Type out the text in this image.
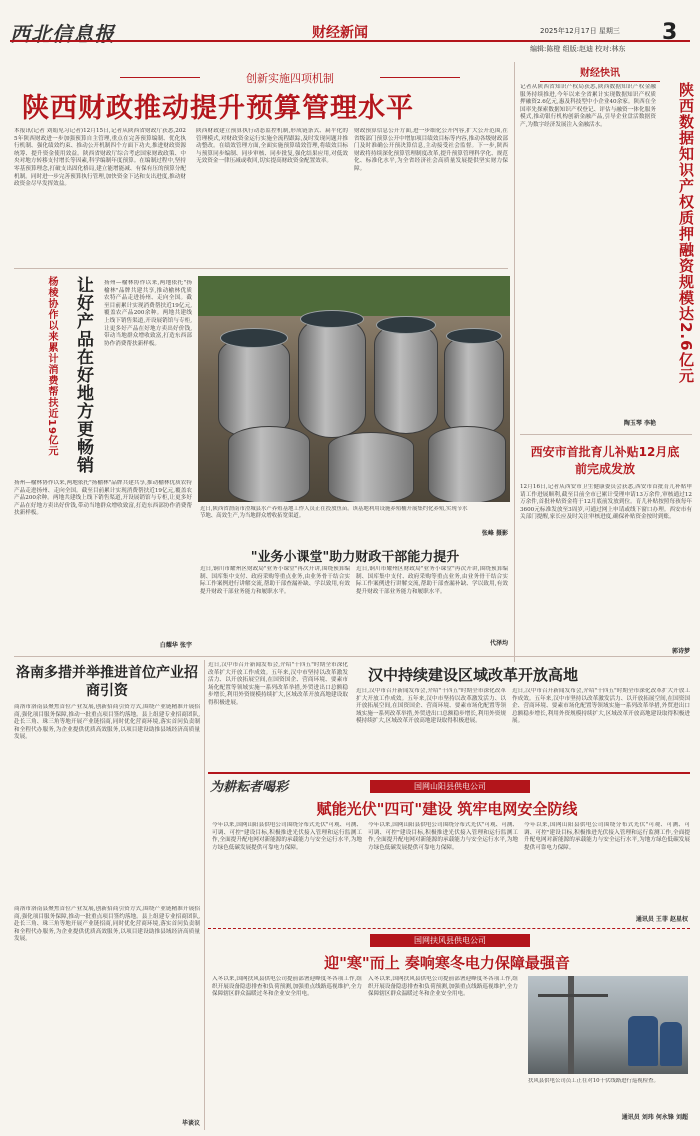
西北信息报	财经新闻	2025年12月17日 星期三 3
编辑:陈橙 组版:赵迪 校对:林东
创新实施四项机制
陕西财政推动提升预算管理水平
本报讯(记者 刘娟见习记者)12月15日,记者从陕西省财政厅获悉,2025年陕西财政进一步加强预算自主管理,重点在完善预算编制、优化执行机制、强化绩效约束、推动公开机制四个方面下功夫,推进财政资源统筹、提升资金使用效益。陕西省财政厅综合考虑国家财政政策、中央对地方转移支付增长等因素,科学编制年度预算。在编制过程中,坚持零基预算理念,打破支出固化格局,建立能增能减、有保有压的预算分配机制。同时进一步完善预算执行管理,加快资金下达和支出进度,推动财政资金尽早发挥效益。
陕西财政建立预算执行动态监控机制,形成链条式、扁平化的管理模式,对财政资金运行实施全流程跟踪,及时发现问题并推动整改。在绩效管理方面,全面实施预算绩效管理,将绩效目标与预算同步编制、同步审核、同步批复,强化结果应用,对低效无效资金一律压减或收回,切实提高财政资金配置效率。
财政预算信息公开方面,进一步细化公开内容,扩大公开范围,在省级部门预算公开中增加项目绩效目标等内容,推动各级财政部门及时准确公开预决算信息,主动接受社会监督。下一步,陕西财政将持续深化预算管理制度改革,提升预算管理科学化、规范化、标准化水平,为全省经济社会高质量发展提供坚实财力保障。
财经快讯
记者从陕西省知识产权局获悉,陕西数据知识产权金融服务持续推进,今年以来全省累计实现数据知识产权质押融资2.6亿元,惠及科技型中小企业40余家。陕西在全国率先探索数据知识产权登记、评估与融资一体化服务模式,推动银行机构创新金融产品,引导企业盘活数据资产,为数字经济发展注入金融活水。	陕西数据知识产权质押融资规模达2.6亿元
陶玉琴 李艳
西安市首批育儿补贴12月底前完成发放
12月16日,记者从西安市卫生健康委员会获悉,西安市首批育儿补贴申请工作进展顺利,截至目前全市已累计受理申请13万余件,审核通过12万余件,首批补贴资金将于12月底前发放到位。育儿补贴按照每孩每年3600元标准发放至3周岁,可通过网上申请或线下窗口办理。西安市有关部门提醒,家长应及时关注审核进度,确保补贴资金按时到账。
郭诗梦
让好产品在好地方更畅销
杨棱协作以来累计消费帮扶近19亿元	扬州—榆林协作以来,两地依托"扬榆林"品牌共建共享,推动榆林优质农特产品走进扬州、走向全国。截至目前累计实现消费帮扶近19亿元,覆盖农产品200余种。两地共建线上线下销售渠道,开设展销馆与专柜,让更多好产品在好地方卖出好价钱,带动当地群众增收致富,打造东西部协作消费帮扶新样板。
扬州—榆林协作以来,两地依托"扬榆林"品牌共建共享,推动榆林优质农特产品走进扬州、走向全国。截至目前累计实现消费帮扶近19亿元,覆盖农产品200余种。两地共建线上线下销售渠道,开设展销馆与专柜,让更多好产品在好地方卖出好价钱,带动当地群众增收致富,打造东西部协作消费帮扶新样板。
白耀华 张宇
近日,陕西省渭南市澄城县水产养殖基地工作人员正在投放鱼苗。该基地利用设施养殖桶开展集约化养殖,实现节水节地、高效生产,为当地群众增收拓宽渠道。
张峰 摄影
"业务小课堂"助力财政干部能力提升
近日,铜川市耀州区财政局"业务小课堂"再次开讲,围绕预算编制、国库集中支付、政府采购等重点业务,由业务骨干结合实际工作案例进行讲解交流,帮助干部查漏补缺、学以致用,有效提升财政干部业务能力和履职水平。
近日,铜川市耀州区财政局"业务小课堂"再次开讲,围绕预算编制、国库集中支付、政府采购等重点业务,由业务骨干结合实际工作案例进行讲解交流,帮助干部查漏补缺、学以致用,有效提升财政干部业务能力和履职水平。
代泽均
洛南多措并举推进首位产业招商引资
商洛市洛南县聚焦首位产业发展,创新招商引资方式,围绕产业链精准开展招商,强化项目服务保障,推动一批重点项目签约落地。县上组建专业招商团队,赴长三角、珠三角等地开展产业链招商,同时优化营商环境,落实首问负责制和全程代办服务,为企业提供优质高效服务,以项目建设助推县域经济高质量发展。
商洛市洛南县聚焦首位产业发展,创新招商引资方式,围绕产业链精准开展招商,强化项目服务保障,推动一批重点项目签约落地。县上组建专业招商团队,赴长三角、珠三角等地开展产业链招商,同时优化营商环境,落实首问负责制和全程代办服务,为企业提供优质高效服务,以项目建设助推县域经济高质量发展。
毕谈议
近日,汉中市召开新闻发布会,介绍"十四五"时期全市深化改革扩大开放工作成效。五年来,汉中市坚持以改革激发活力、以开放拓展空间,在国资国企、营商环境、要素市场化配置等领域实施一系列改革举措,外贸进出口总额稳步增长,利用外资规模持续扩大,区域改革开放高地建设取得积极进展。
汉中持续建设区域改革开放高地
近日,汉中市召开新闻发布会,介绍"十四五"时期全市深化改革扩大开放工作成效。五年来,汉中市坚持以改革激发活力、以开放拓展空间,在国资国企、营商环境、要素市场化配置等领域实施一系列改革举措,外贸进出口总额稳步增长,利用外资规模持续扩大,区域改革开放高地建设取得积极进展。
近日,汉中市召开新闻发布会,介绍"十四五"时期全市深化改革扩大开放工作成效。五年来,汉中市坚持以改革激发活力、以开放拓展空间,在国资国企、营商环境、要素市场化配置等领域实施一系列改革举措,外贸进出口总额稳步增长,利用外资规模持续扩大,区域改革开放高地建设取得积极进展。
为耕耘者喝彩	国网山阳县供电公司
赋能光伏"四可"建设 筑牢电网安全防线
今年以来,国网山阳县供电公司围绕分布式光伏"可观、可测、可调、可控"建设目标,积极推进光伏接入管理和运行监测工作,全面提升配电网对新能源的承载能力与安全运行水平,为地方绿色低碳发展提供可靠电力保障。
今年以来,国网山阳县供电公司围绕分布式光伏"可观、可测、可调、可控"建设目标,积极推进光伏接入管理和运行监测工作,全面提升配电网对新能源的承载能力与安全运行水平,为地方绿色低碳发展提供可靠电力保障。
今年以来,国网山阳县供电公司围绕分布式光伏"可观、可测、可调、可控"建设目标,积极推进光伏接入管理和运行监测工作,全面提升配电网对新能源的承载能力与安全运行水平,为地方绿色低碳发展提供可靠电力保障。
通讯员 王菲 赵星权
国网扶风县供电公司
迎"寒"而上 奏响寒冬电力保障最强音
入冬以来,国网扶风县供电公司提前部署迎峰度冬各项工作,组织开展设备隐患排查和负荷预测,加强重点线路巡视维护,全力保障辖区群众温暖过冬和企业安全用电。
入冬以来,国网扶风县供电公司提前部署迎峰度冬各项工作,组织开展设备隐患排查和负荷预测,加强重点线路巡视维护,全力保障辖区群众温暖过冬和企业安全用电。
扶风县供电公司员工正在对10千伏线路进行巡视检查。
通讯员 刘玮 何永锋 刘超
